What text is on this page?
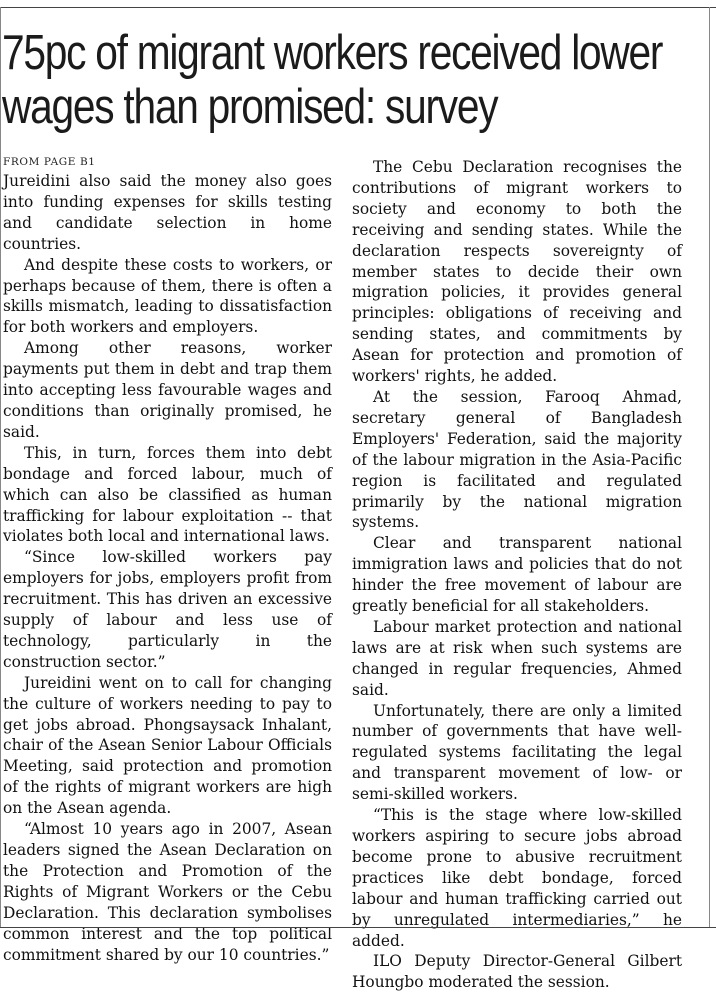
75pc of migrant workers received lower wages than promised: survey
FROM PAGE B1

Jureidini also said the money also goes into funding expenses for skills testing and candidate selection in home countries.

And despite these costs to workers, or perhaps because of them, there is often a skills mismatch, leading to dissatisfaction for both workers and employers.

Among other reasons, worker payments put them in debt and trap them into accepting less favourable wages and conditions than originally promised, he said.

This, in turn, forces them into debt bondage and forced labour, much of which can also be classified as human trafficking for labour exploitation -- that violates both local and international laws.

“Since low-skilled workers pay employers for jobs, employers profit from recruitment. This has driven an excessive supply of labour and less use of technology, particularly in the construction sector.”

Jureidini went on to call for changing the culture of workers needing to pay to get jobs abroad. Phongsaysack Inhalant, chair of the Asean Senior Labour Officials Meeting, said protection and promotion of the rights of migrant workers are high on the Asean agenda.

“Almost 10 years ago in 2007, Asean leaders signed the Asean Declaration on the Protection and Promotion of the Rights of Migrant Workers or the Cebu Declaration. This declaration symbolises common interest and the top political commitment shared by our 10 countries.”

The Cebu Declaration recognises the contributions of migrant workers to society and economy to both the receiving and sending states. While the declaration respects sovereignty of member states to decide their own migration policies, it provides general principles: obligations of receiving and sending states, and commitments by Asean for protection and promotion of workers' rights, he added.

At the session, Farooq Ahmad, secretary general of Bangladesh Employers' Federation, said the majority of the labour migration in the Asia-Pacific region is facilitated and regulated primarily by the national migration systems.

Clear and transparent national immigration laws and policies that do not hinder the free movement of labour are greatly beneficial for all stakeholders.

Labour market protection and national laws are at risk when such systems are changed in regular frequencies, Ahmed said.

Unfortunately, there are only a limited number of governments that have well-regulated systems facilitating the legal and transparent movement of low- or semi-skilled workers.

“This is the stage where low-skilled workers aspiring to secure jobs abroad become prone to abusive recruitment practices like debt bondage, forced labour and human trafficking carried out by unregulated intermediaries,” he added.

ILO Deputy Director-General Gilbert Houngbo moderated the session.
